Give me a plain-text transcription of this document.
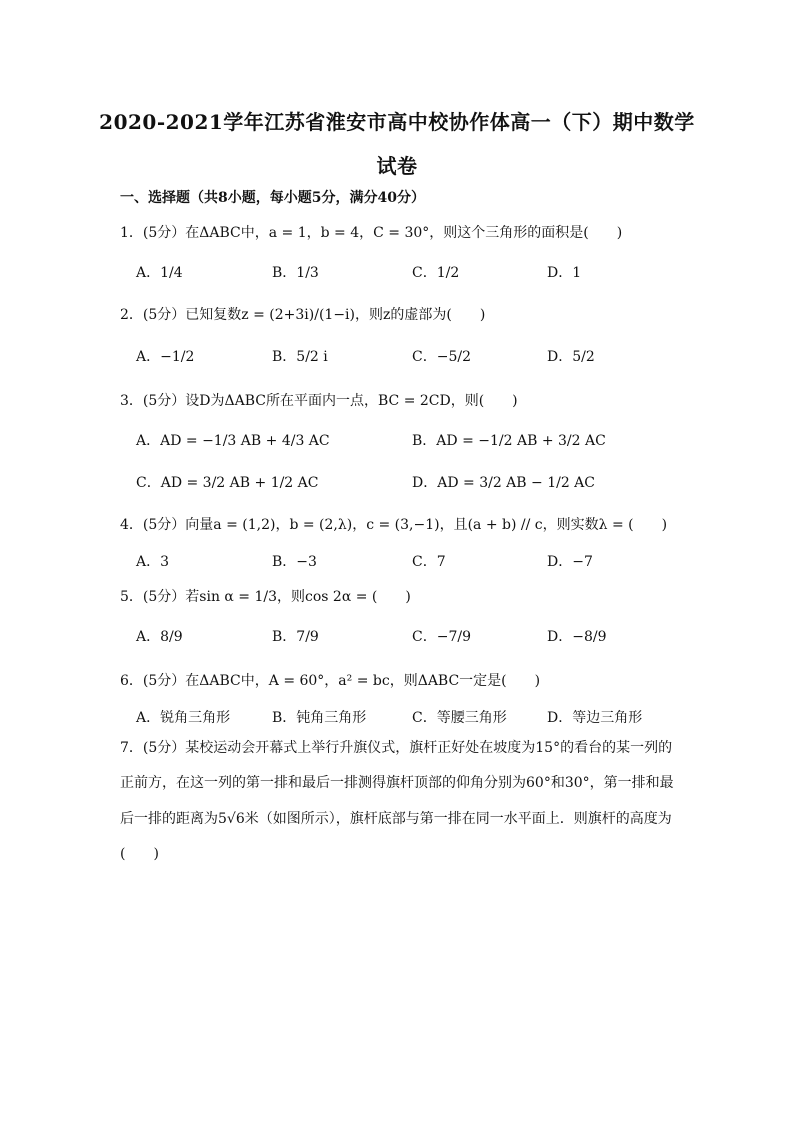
2020-2021学年江苏省淮安市高中校协作体高一（下）期中数学
试卷
一、选择题（共8小题，每小题5分，满分40分）
1．(5分）在ΔABC中，a = 1，b = 4，C = 30°，则这个三角形的面积是(　　)
A．1/4	B．1/3	C．1/2	D．1
2．(5分）已知复数z = (2+3i)/(1−i)，则z的虚部为(　　)
A．−1/2	B．5/2 i	C．−5/2	D．5/2
3．(5分）设D为ΔABC所在平面内一点，BC = 2CD，则(　　)
A．AD = −1/3 AB + 4/3 AC	B．AD = −1/2 AB + 3/2 AC
C．AD = 3/2 AB + 1/2 AC	D．AD = 3/2 AB − 1/2 AC
4．(5分）向量a = (1,2)，b = (2,λ)，c = (3,−1)，且(a + b) // c，则实数λ = (　　)
A．3	B．−3	C．7	D．−7
5．(5分）若sin α = 1/3，则cos 2α = (　　)
A．8/9	B．7/9	C．−7/9	D．−8/9
6．(5分）在ΔABC中，A = 60°，a² = bc，则ΔABC一定是(　　)
A．锐角三角形	B．钝角三角形	C．等腰三角形	D．等边三角形
7．(5分）某校运动会开幕式上举行升旗仪式，旗杆正好处在坡度为15°的看台的某一列的
正前方，在这一列的第一排和最后一排测得旗杆顶部的仰角分别为60°和30°，第一排和最
后一排的距离为5√6米（如图所示），旗杆底部与第一排在同一水平面上．则旗杆的高度为
(　　)
